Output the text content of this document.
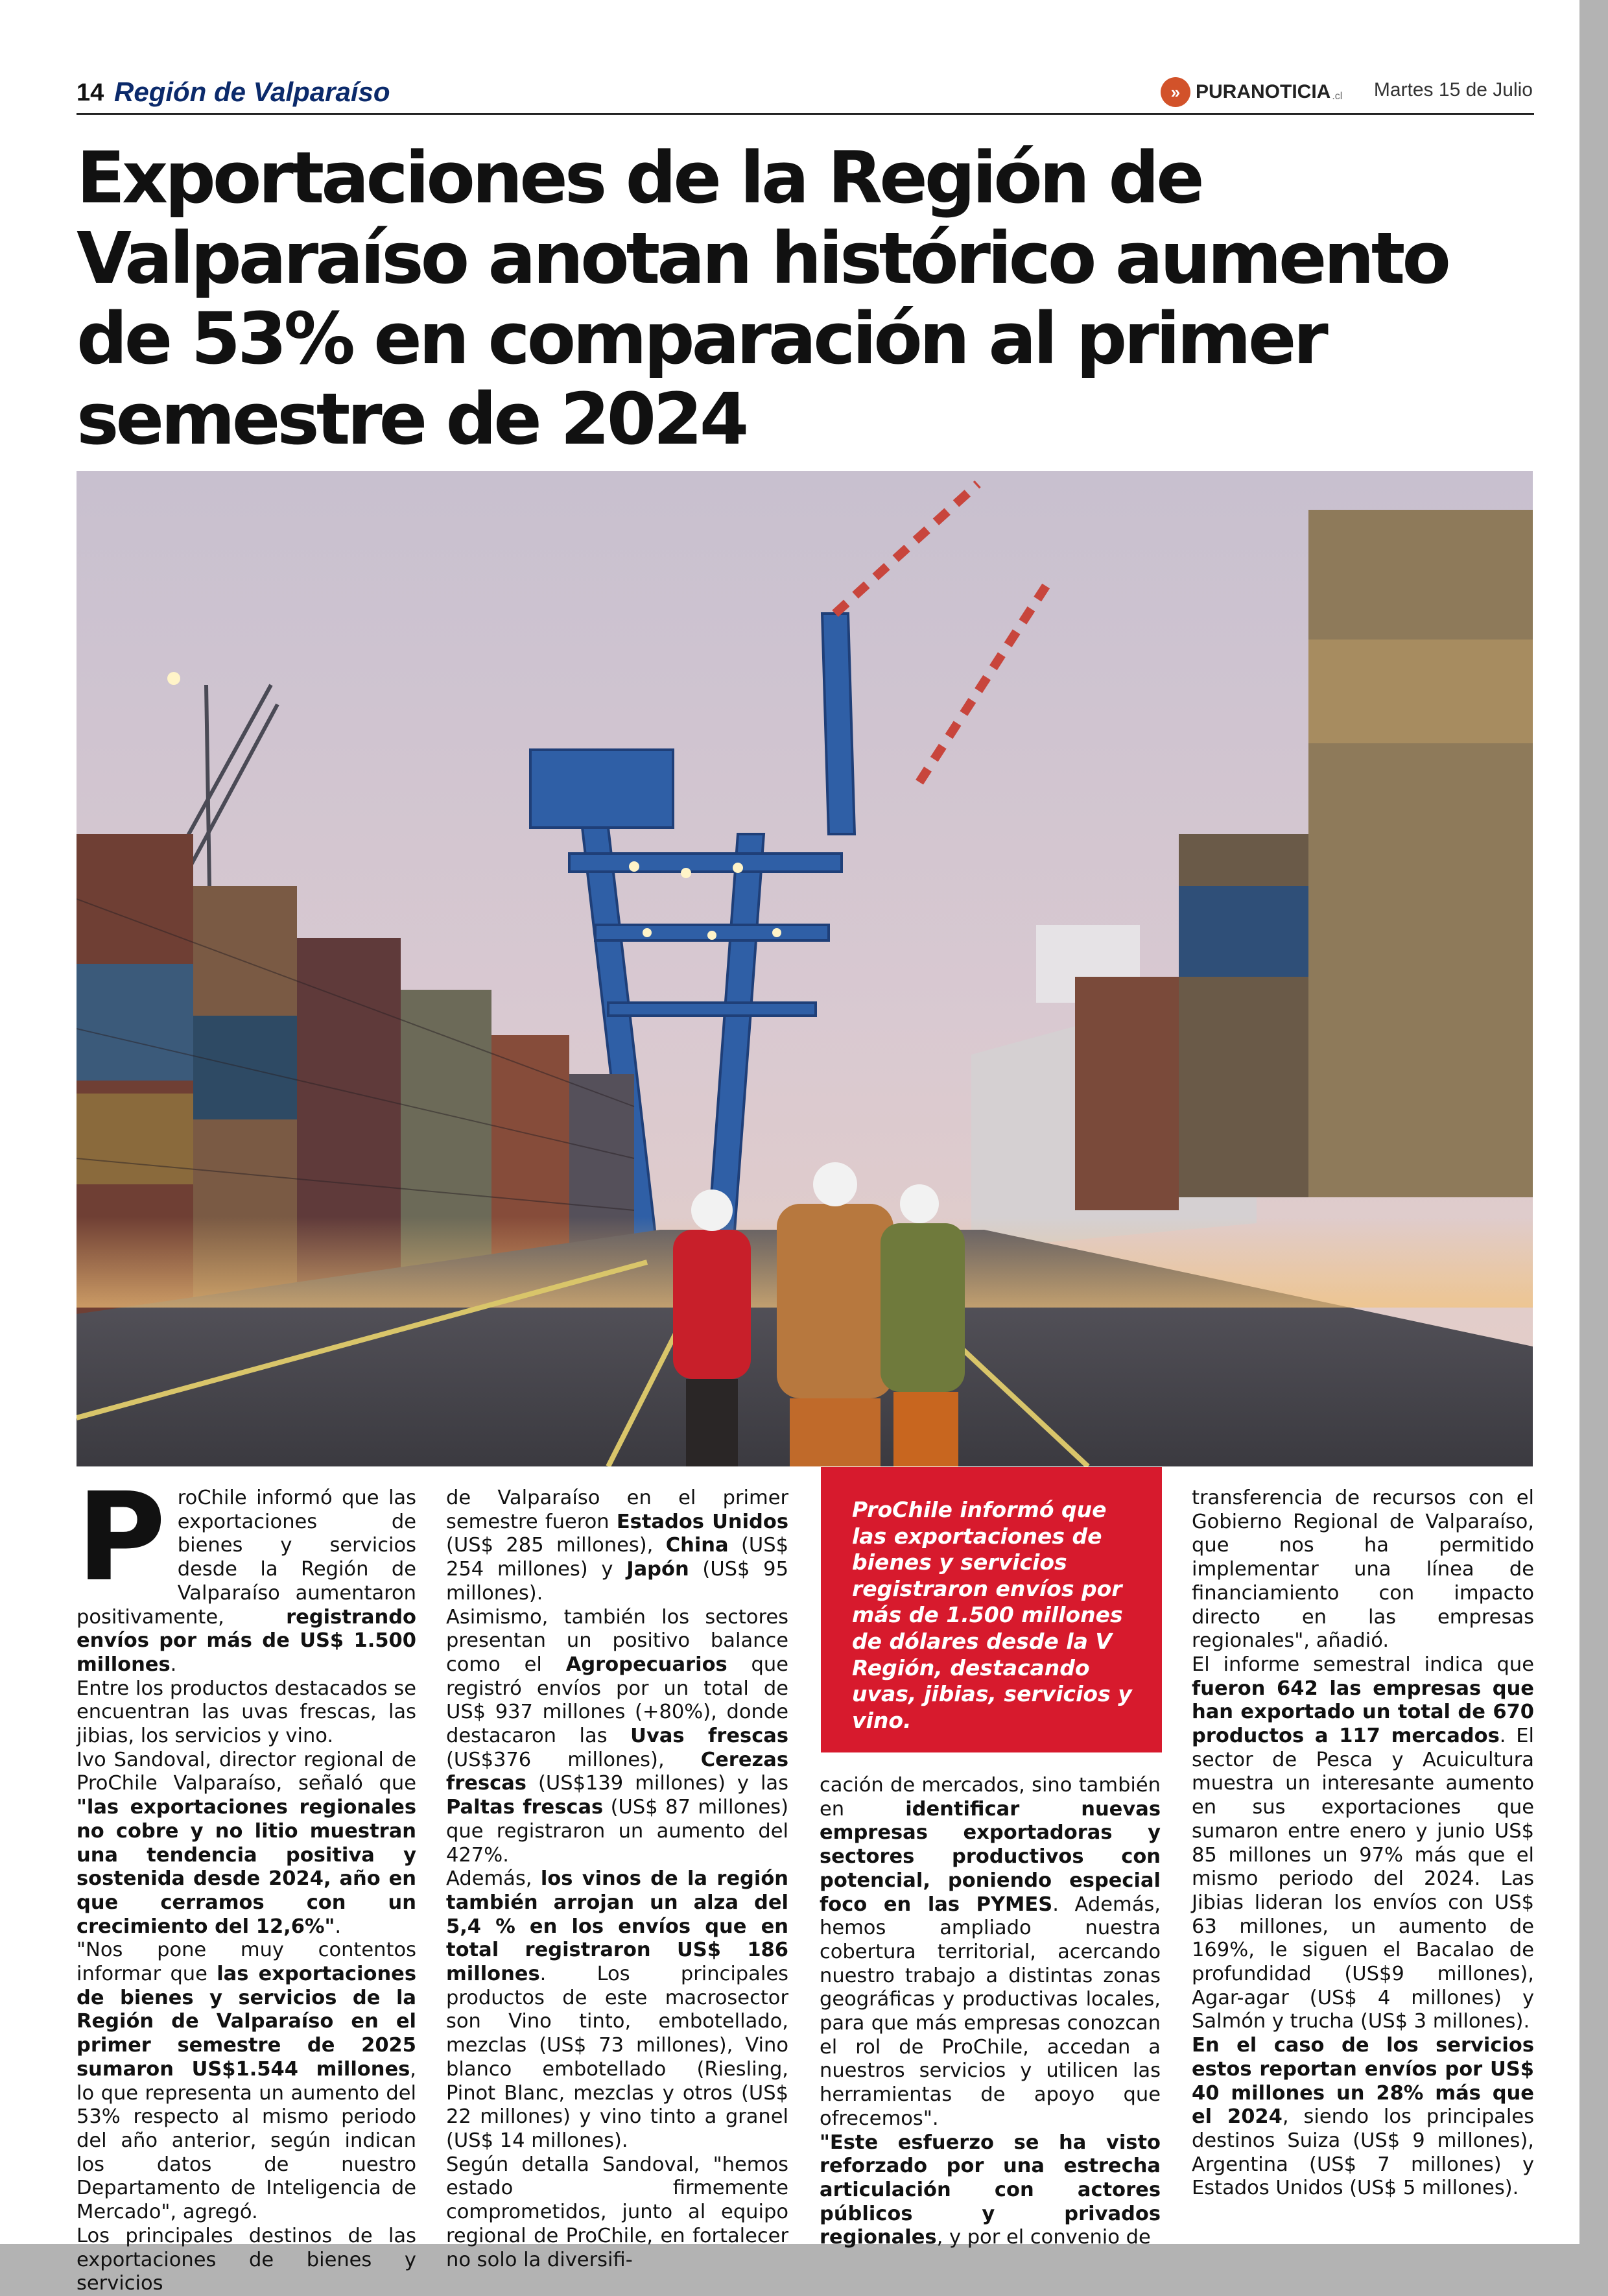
14 Región de Valparaíso	» PURANOTICIA .cl Martes 15 de Julio
Exportaciones de la Región de Valparaíso anotan histórico aumento de 53% en comparación al primer semestre de 2024
P roChile informó que las exportaciones de bienes y servicios desde la Región de Valparaíso aumentaron positivamente, registrando envíos por más de US$ 1.500 millones.

Entre los productos destacados se encuentran las uvas frescas, las jibias, los servicios y vino.

Ivo Sandoval, director regional de ProChile Valparaíso, señaló que "las exportaciones regionales no cobre y no litio muestran una tendencia positiva y sostenida desde 2024, año en que cerramos con un crecimiento del 12,6%".

"Nos pone muy contentos informar que las exportaciones de bienes y servicios de la Región de Valparaíso en el primer semestre de 2025 sumaron US$1.544 millones, lo que representa un aumento del 53% respecto al mismo periodo del año anterior, según indican los datos de nuestro Departamento de Inteligencia de Mercado", agregó.

Los principales destinos de las exportaciones de bienes y servicios

de Valparaíso en el primer semestre fueron Estados Unidos (US$ 285 millones), China (US$ 254 millones) y Japón (US$ 95 millones).

Asimismo, también los sectores presentan un positivo balance como el Agropecuarios que registró envíos por un total de US$ 937 millones (+80%), donde destacaron las Uvas frescas (US$376 millones), Cerezas frescas (US$139 millones) y las Paltas frescas (US$ 87 millones) que registraron un aumento del 427%.

Además, los vinos de la región también arrojan un alza del 5,4 % en los envíos que en total registraron US$ 186 millones. Los principales productos de este macrosector son Vino tinto, embotellado, mezclas (US$ 73 millones), Vino blanco embotellado (Riesling, Pinot Blanc, mezclas y otros (US$ 22 millones) y vino tinto a granel (US$ 14 millones).

Según detalla Sandoval, "hemos estado firmemente comprometidos, junto al equipo regional de ProChile, en fortalecer no solo la diversifi-

ProChile informó que las exportaciones de bienes y servicios registraron envíos por más de 1.500 millones de dólares desde la V Región, destacando uvas, jibias, servicios y vino.

cación de mercados, sino también en identificar nuevas empresas exportadoras y sectores productivos con potencial, poniendo especial foco en las PYMES. Además, hemos ampliado nuestra cobertura territorial, acercando nuestro trabajo a distintas zonas geográficas y productivas locales, para que más empresas conozcan el rol de ProChile, accedan a nuestros servicios y utilicen las herramientas de apoyo que ofrecemos".

"Este esfuerzo se ha visto reforzado por una estrecha articulación con actores públicos y privados regionales, y por el convenio de

transferencia de recursos con el Gobierno Regional de Valparaíso, que nos ha permitido implementar una línea de financiamiento con impacto directo en las empresas regionales", añadió.

El informe semestral indica que fueron 642 las empresas que han exportado un total de 670 productos a 117 mercados. El sector de Pesca y Acuicultura muestra un interesante aumento en sus exportaciones que sumaron entre enero y junio US$ 85 millones un 97% más que el mismo periodo del 2024. Las Jibias lideran los envíos con US$ 63 millones, un aumento de 169%, le siguen el Bacalao de profundidad (US$9 millones), Agar-agar (US$ 4 millones) y Salmón y trucha (US$ 3 millones).

En el caso de los servicios estos reportan envíos por US$ 40 millones un 28% más que el 2024, siendo los principales destinos Suiza (US$ 9 millones), Argentina (US$ 7 millones) y Estados Unidos (US$ 5 millones).
